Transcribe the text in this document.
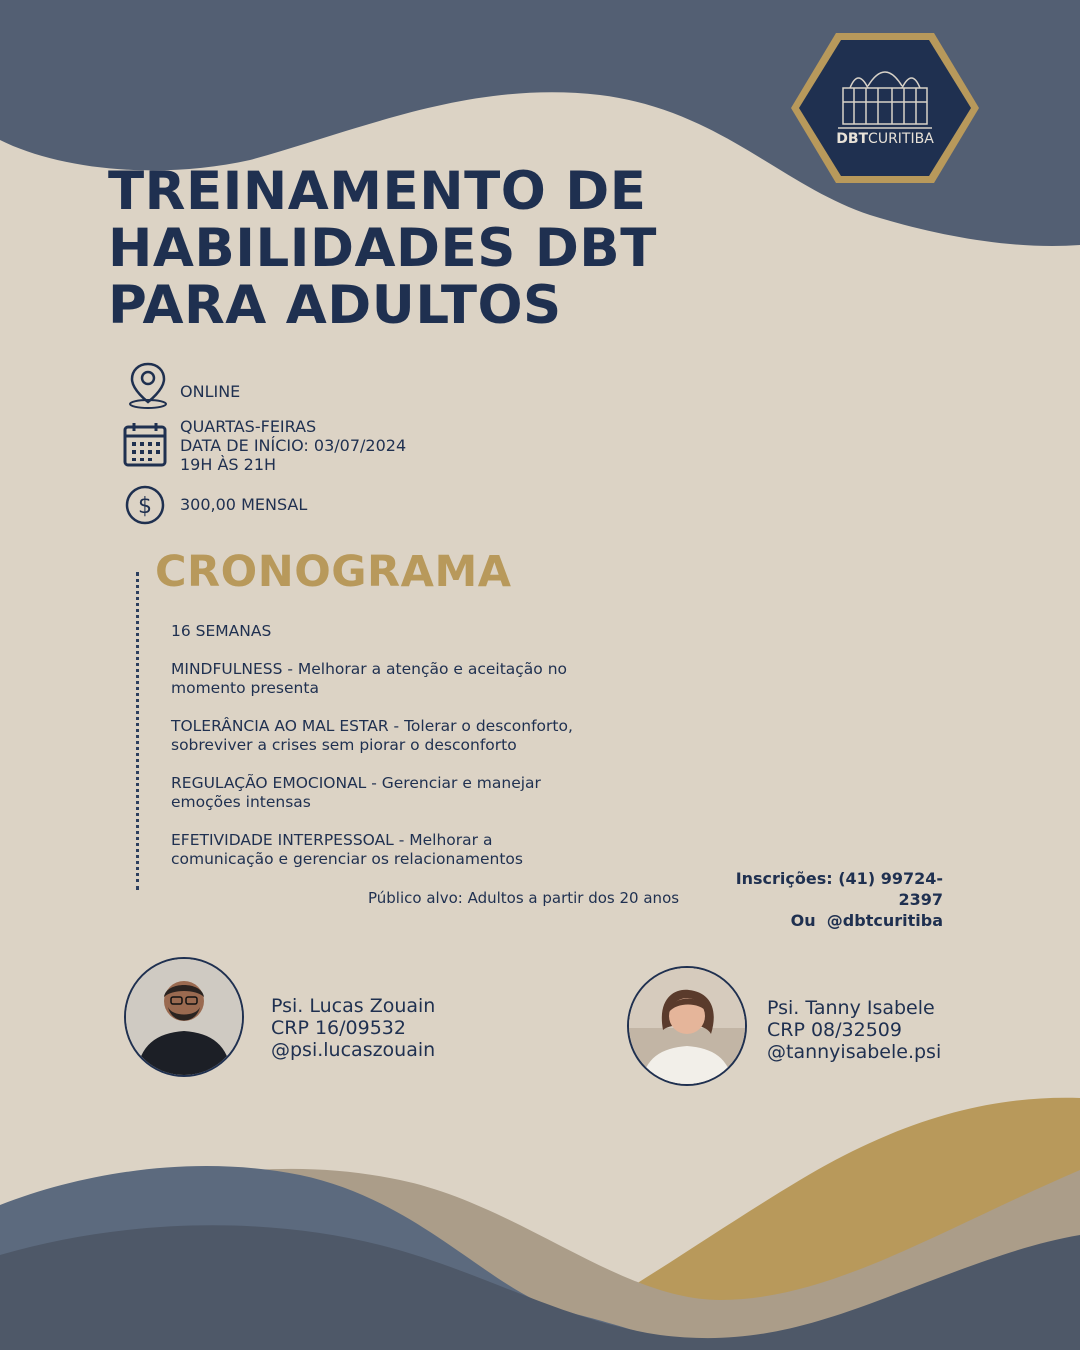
DBTCURITIBA
TREINAMENTO DE
HABILIDADES DBT
PARA ADULTOS
ONLINE
QUARTAS-FEIRAS
DATA DE INÍCIO: 03/07/2024
19H ÀS 21H
$ 300,00 MENSAL
CRONOGRAMA

16 SEMANAS

MINDFULNESS - Melhorar a atenção e aceitação no
momento presenta

TOLERÂNCIA AO MAL ESTAR - Tolerar o desconforto,
sobreviver a crises sem piorar o desconforto

REGULAÇÃO EMOCIONAL - Gerenciar e manejar
emoções intensas

EFETIVIDADE INTERPESSOAL - Melhorar a
comunicação e gerenciar os relacionamentos

Público alvo: Adultos a partir dos 20 anos
Inscrições: (41) 99724-2397
Ou  @dbtcuritiba
Psi. Lucas Zouain
CRP 16/09532
@psi.lucaszouain
Psi. Tanny Isabele
CRP 08/32509
@tannyisabele.psi
